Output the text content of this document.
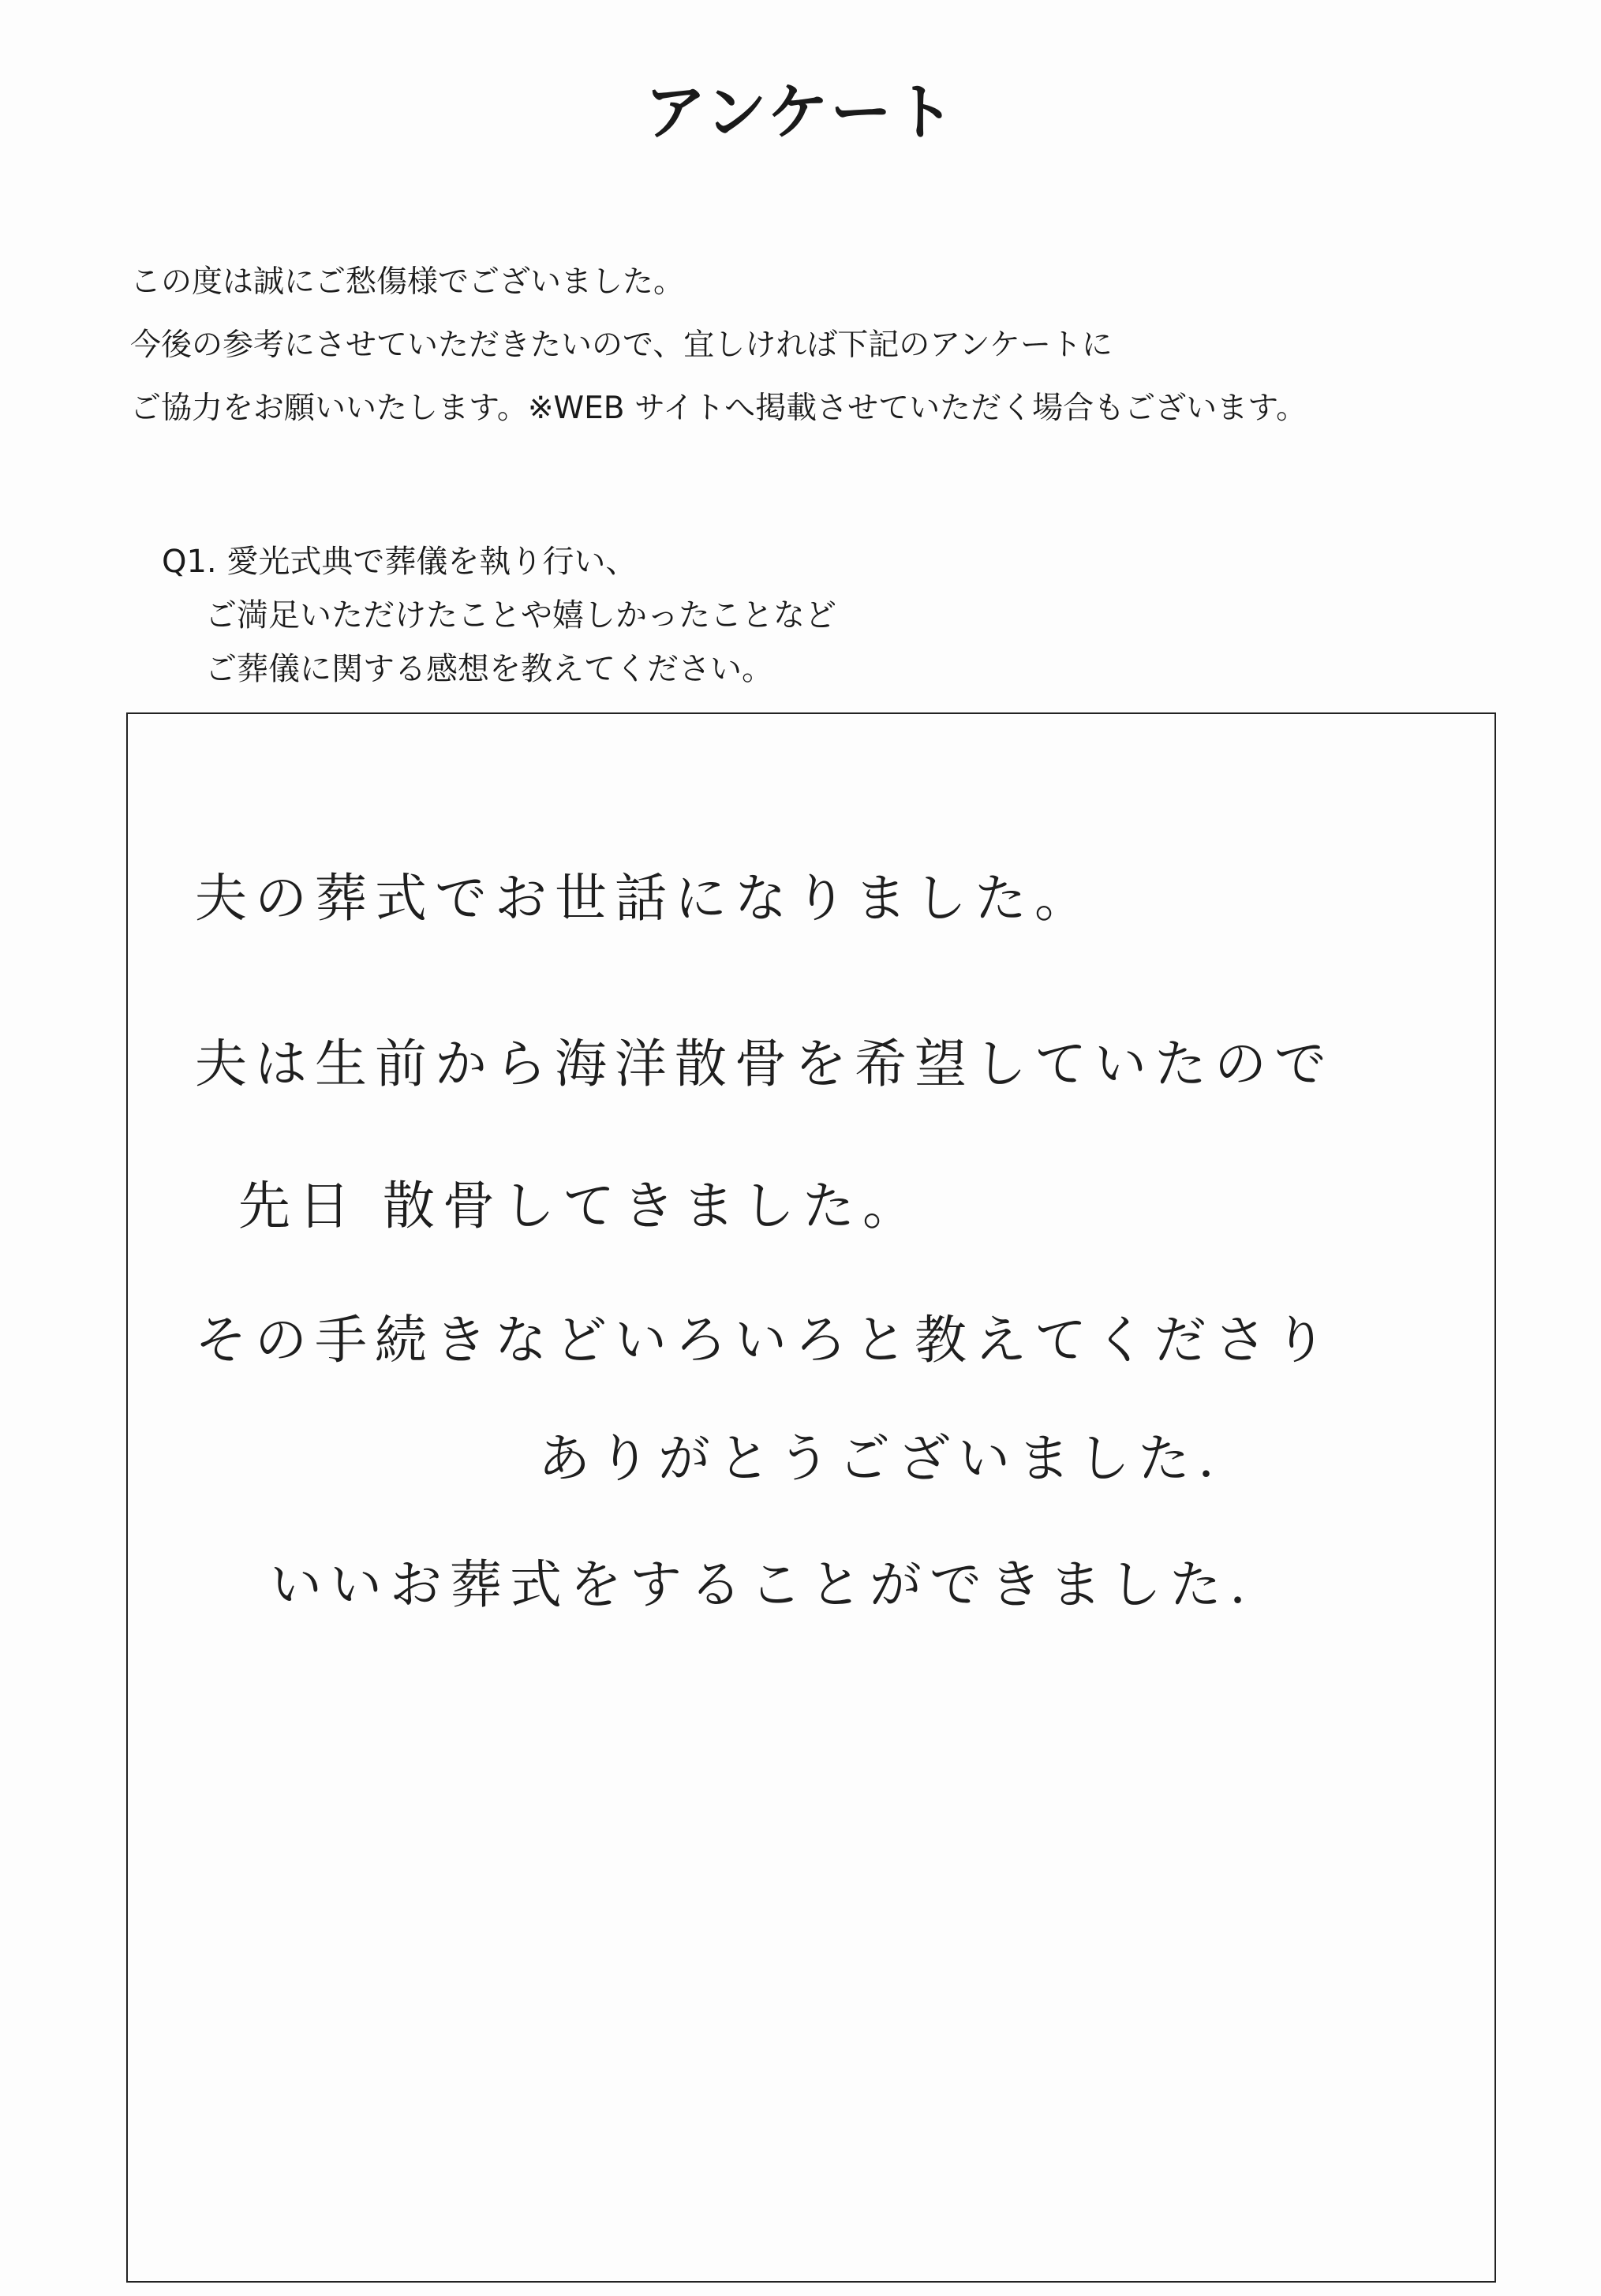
アンケート
この度は誠にご愁傷様でございました。
今後の参考にさせていただきたいので、宜しければ下記のアンケートに
ご協力をお願いいたします。※WEB サイトへ掲載させていただく場合もございます。
Q1. 愛光式典で葬儀を執り行い、
ご満足いただけたことや嬉しかったことなど
ご葬儀に関する感想を教えてください。
夫の葬式でお世話になりました。
夫は生前から海洋散骨を希望していたので
先日 散骨してきました。
その手続きなどいろいろと教えてくださり
ありがとうございました.
いいお葬式をすることができました.
